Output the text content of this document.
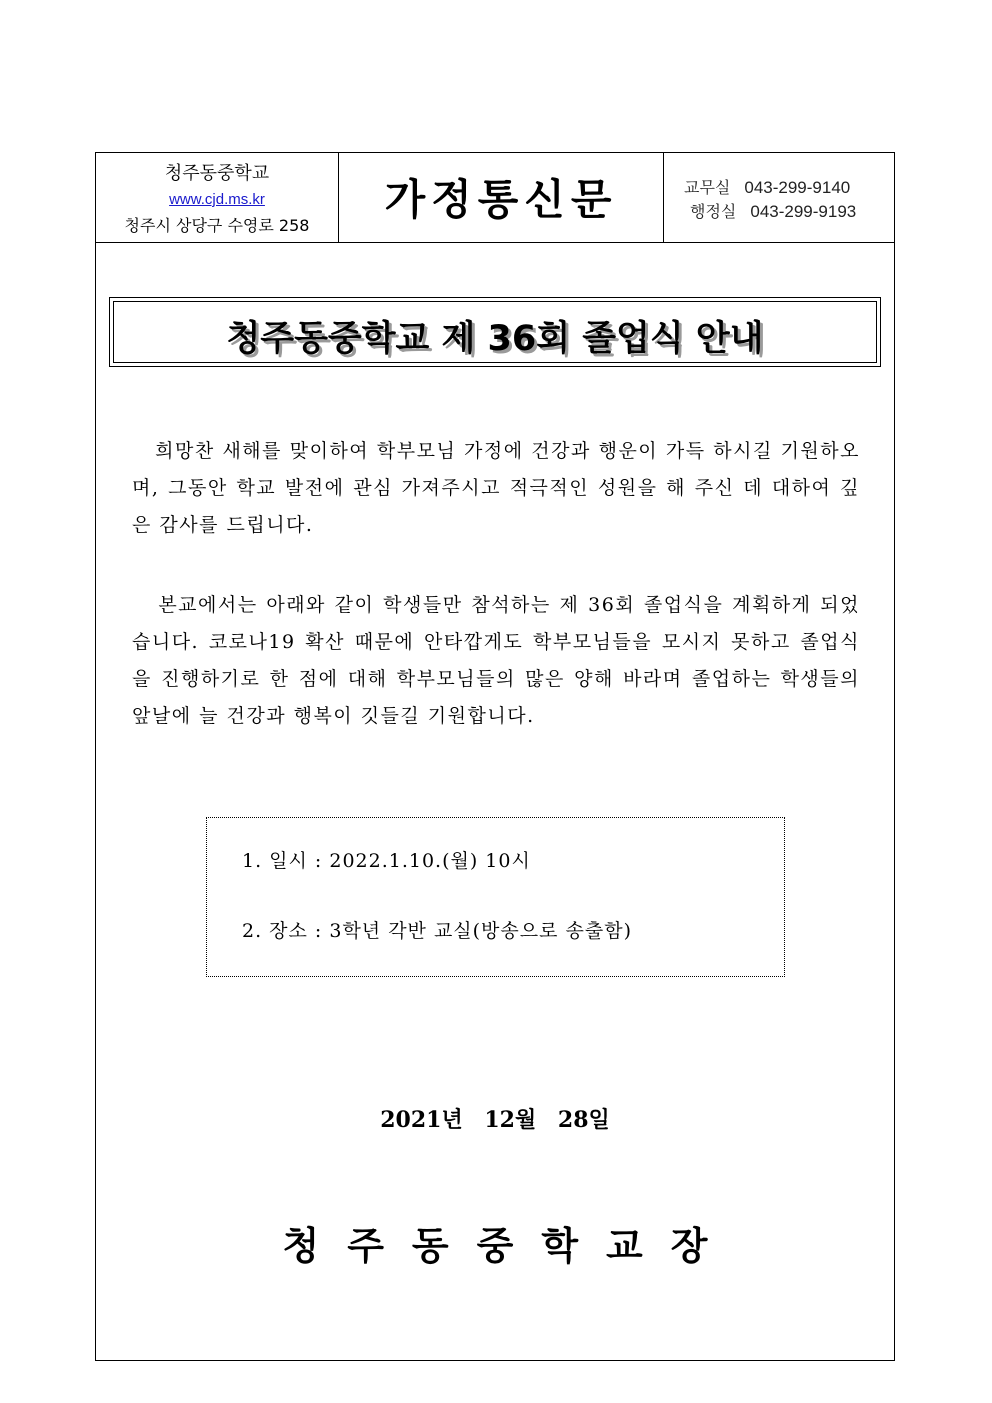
청주동중학교
www.cjd.ms.kr
청주시 상당구 수영로 258
가정통신문	교무실 043-299-9140
행정실 043-299-9193
청주동중학교 제 36회 졸업식 안내
희망찬 새해를 맞이하여 학부모님 가정에 건강과 행운이 가득 하시길 기원하오며, 그동안 학교 발전에 관심 가져주시고 적극적인 성원을 해 주신 데 대하여 깊은 감사를 드립니다.
본교에서는 아래와 같이 학생들만 참석하는 제 36회 졸업식을 계획하게 되었습니다. 코로나19 확산 때문에 안타깝게도 학부모님들을 모시지 못하고 졸업식을 진행하기로 한 점에 대해 학부모님들의 많은 양해 바라며 졸업하는 학생들의 앞날에 늘 건강과 행복이 깃들길 기원합니다.
1. 일시 : 2022.1.10.(월) 10시
2. 장소 : 3학년 각반 교실(방송으로 송출함)
2021년 12월 28일
청주동중학교장
